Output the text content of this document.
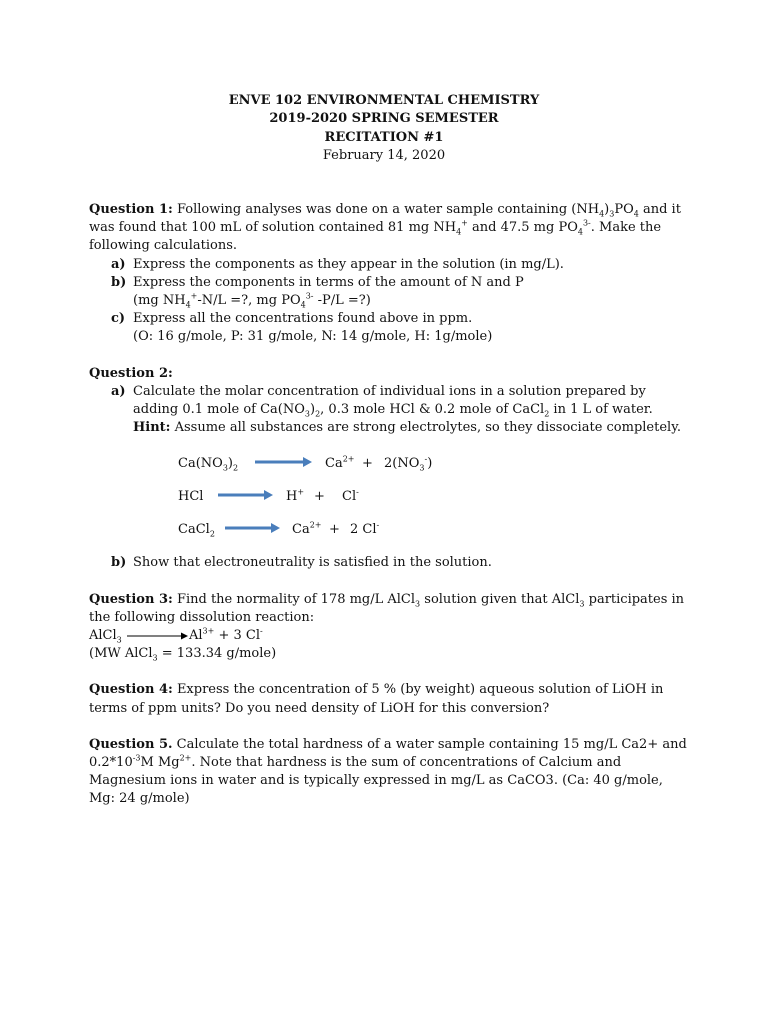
ENVE 102 ENVIRONMENTAL CHEMISTRY
2019-2020 SPRING SEMESTER
RECITATION #1
February 14, 2020

Question 1: Following analyses was done on a water sample containing $(NH_4)_3PO_4$ and it was found that 100 mL of solution contained 81 mg $NH_4^+$ and 47.5 mg $PO_4^{3-}$. Make the following calculations.

a) Express the components as they appear in the solution (in mg/L).
b) Express the components in terms of the amount of N and P
(mg $NH_4^+-N/L$ =?, mg $PO_4^{3-}$ -P/L =?)
c) Express all the concentrations found above in ppm.
(O: 16 g/mole, P: 31 g/mole, N: 14 g/mole, H: 1g/mole)

Question 2:

a) Calculate the molar concentration of individual ions in a solution prepared by adding 0.1 mole of $Ca(NO_3)_2$, 0.3 mole HCl & 0.2 mole of CaCl$_2$ in 1 L of water.
Hint: Assume all substances are strong electrolytes, so they dissociate completely.
$Ca(NO_3)_2$	$Ca^{2+} + 2(NO_3^-)$
HCl	H+ + Cl-
CaCl$_2$	$Ca^{2+} + 2$ Cl-
b) Show that electroneutrality is satisfied in the solution.

Question 3: Find the normality of 178 mg/L AlCl$_3$ solution given that AlCl$_3$ participates in the following dissolution reaction:

AlCl$_3$	$Al^{3+} + 3$ Cl-

(MW AlCl$_3$ = 133.34 g/mole)

Question 4: Express the concentration of 5 % (by weight) aqueous solution of LiOH in terms of ppm units? Do you need density of LiOH for this conversion?

Question 5. Calculate the total hardness of a water sample containing 15 mg/L Ca2+ and $0.2*10^{-3}M$ $Mg^{2+}$. Note that hardness is the sum of concentrations of Calcium and Magnesium ions in water and is typically expressed in mg/L as CaCO3. (Ca: 40 g/mole, Mg: 24 g/mole)
